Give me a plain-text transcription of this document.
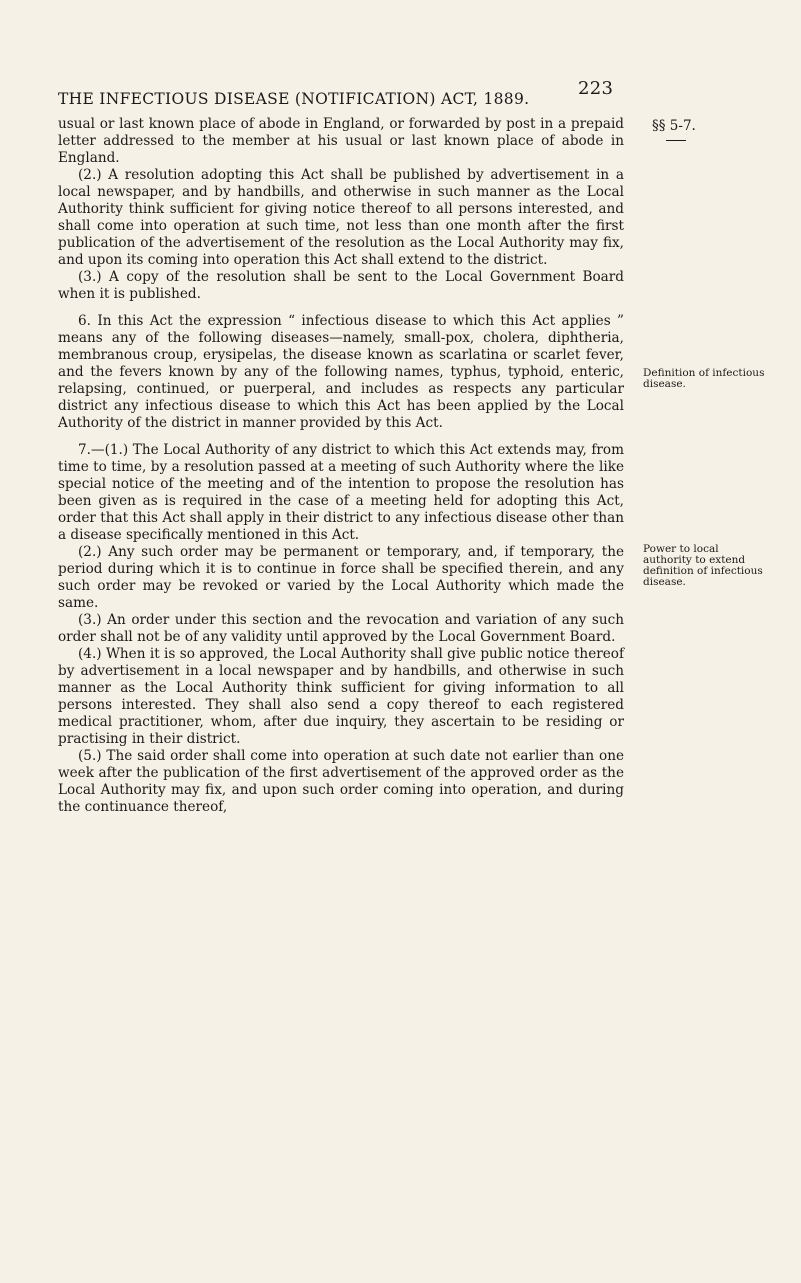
THE INFECTIOUS DISEASE (NOTIFICATION) ACT, 1889.	223
§§ 5-7.

usual or last known place of abode in England, or forwarded by post in a prepaid letter addressed to the member at his usual or last known place of abode in England.

(2.) A resolution adopting this Act shall be published by advertisement in a local newspaper, and by handbills, and otherwise in such manner as the Local Authority think sufficient for giving notice thereof to all persons interested, and shall come into operation at such time, not less than one month after the first publication of the advertisement of the resolution as the Local Authority may fix, and upon its coming into operation this Act shall extend to the district.

(3.) A copy of the resolution shall be sent to the Local Government Board when it is published.

6. In this Act the expression “ infectious disease to which this Act applies ” means any of the following diseases—namely, small-pox, cholera, diphtheria, membranous croup, erysipelas, the disease known as scarlatina or scarlet fever, and the fevers known by any of the following names, typhus, typhoid, enteric, relapsing, continued, or puerperal, and includes as respects any particular district any infectious disease to which this Act has been applied by the Local Authority of the district in manner provided by this Act.

7.—(1.) The Local Authority of any district to which this Act extends may, from time to time, by a resolution passed at a meeting of such Authority where the like special notice of the meeting and of the intention to propose the resolution has been given as is required in the case of a meeting held for adopting this Act, order that this Act shall apply in their district to any infectious disease other than a disease specifically mentioned in this Act.

(2.) Any such order may be permanent or temporary, and, if temporary, the period during which it is to continue in force shall be specified therein, and any such order may be revoked or varied by the Local Authority which made the same.

(3.) An order under this section and the revocation and variation of any such order shall not be of any validity until approved by the Local Government Board.

(4.) When it is so approved, the Local Authority shall give public notice thereof by advertisement in a local newspaper and by handbills, and otherwise in such manner as the Local Authority think sufficient for giving information to all persons interested. They shall also send a copy thereof to each registered medical practitioner, whom, after due inquiry, they ascertain to be residing or practising in their district.

(5.) The said order shall come into operation at such date not earlier than one week after the publication of the first advertisement of the approved order as the Local Authority may fix, and upon such order coming into operation, and during the continuance thereof,

Definition of infectious disease.
Power to local authority to extend definition of infectious disease.
